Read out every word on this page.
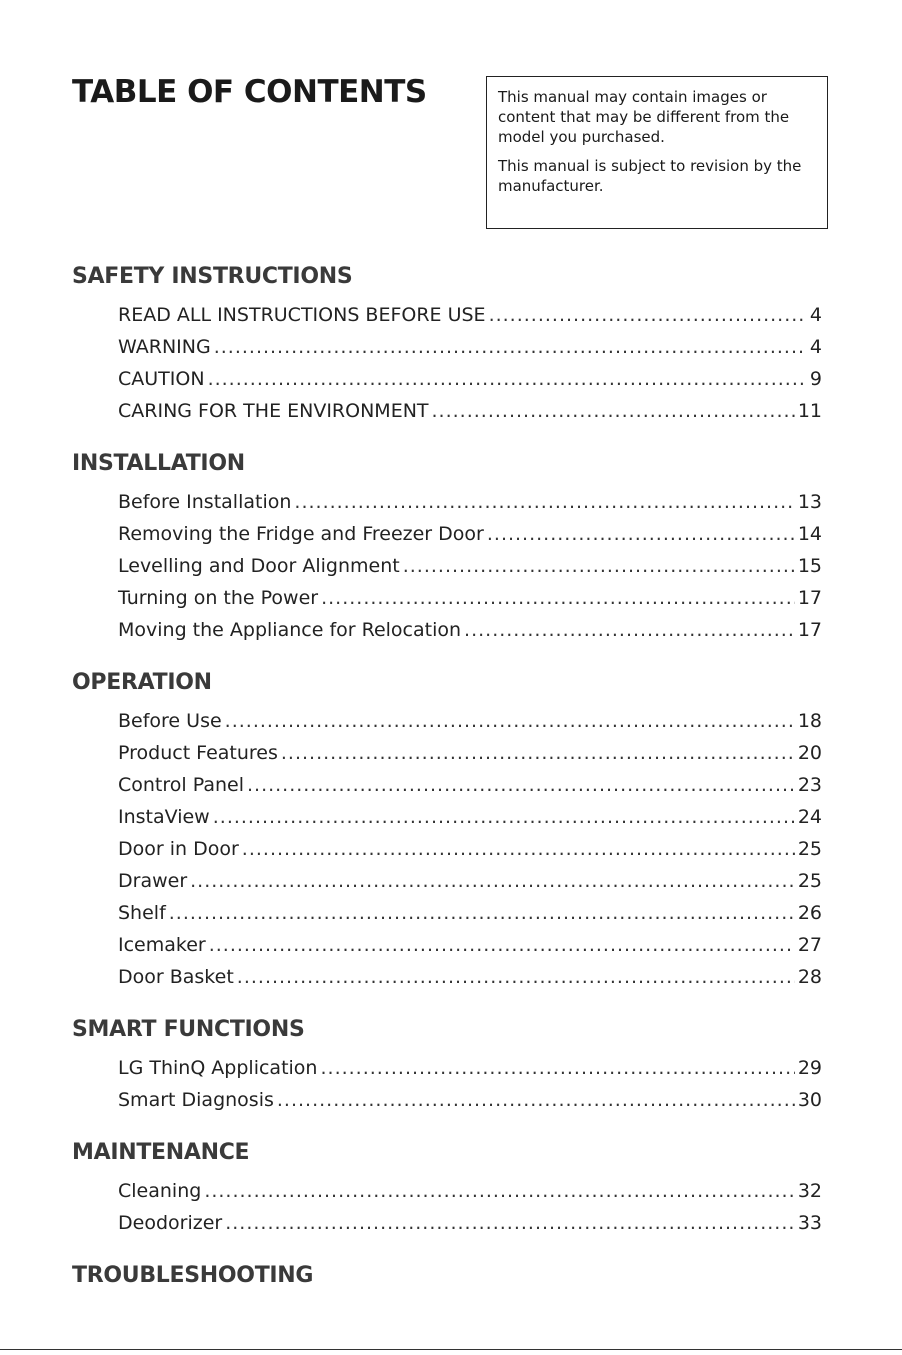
TABLE OF CONTENTS	This manual may contain images or content that may be different from the model you purchased.

This manual is subject to revision by the manufacturer.

SAFETY INSTRUCTIONS
READ ALL INSTRUCTIONS BEFORE USE .....	4
WARNING .....	4
CAUTION .....	9
CARING FOR THE ENVIRONMENT .....	11
INSTALLATION
Before Installation .....	13
Removing the Fridge and Freezer Door .....	14
Levelling and Door Alignment .....	15
Turning on the Power .....	17
Moving the Appliance for Relocation .....	17
OPERATION
Before Use .....	18
Product Features .....	20
Control Panel .....	23
InstaView .....	24
Door in Door .....	25
Drawer .....	25
Shelf .....	26
Icemaker .....	27
Door Basket .....	28
SMART FUNCTIONS
LG ThinQ Application .....	29
Smart Diagnosis .....	30
MAINTENANCE
Cleaning .....	32
Deodorizer .....	33
TROUBLESHOOTING
